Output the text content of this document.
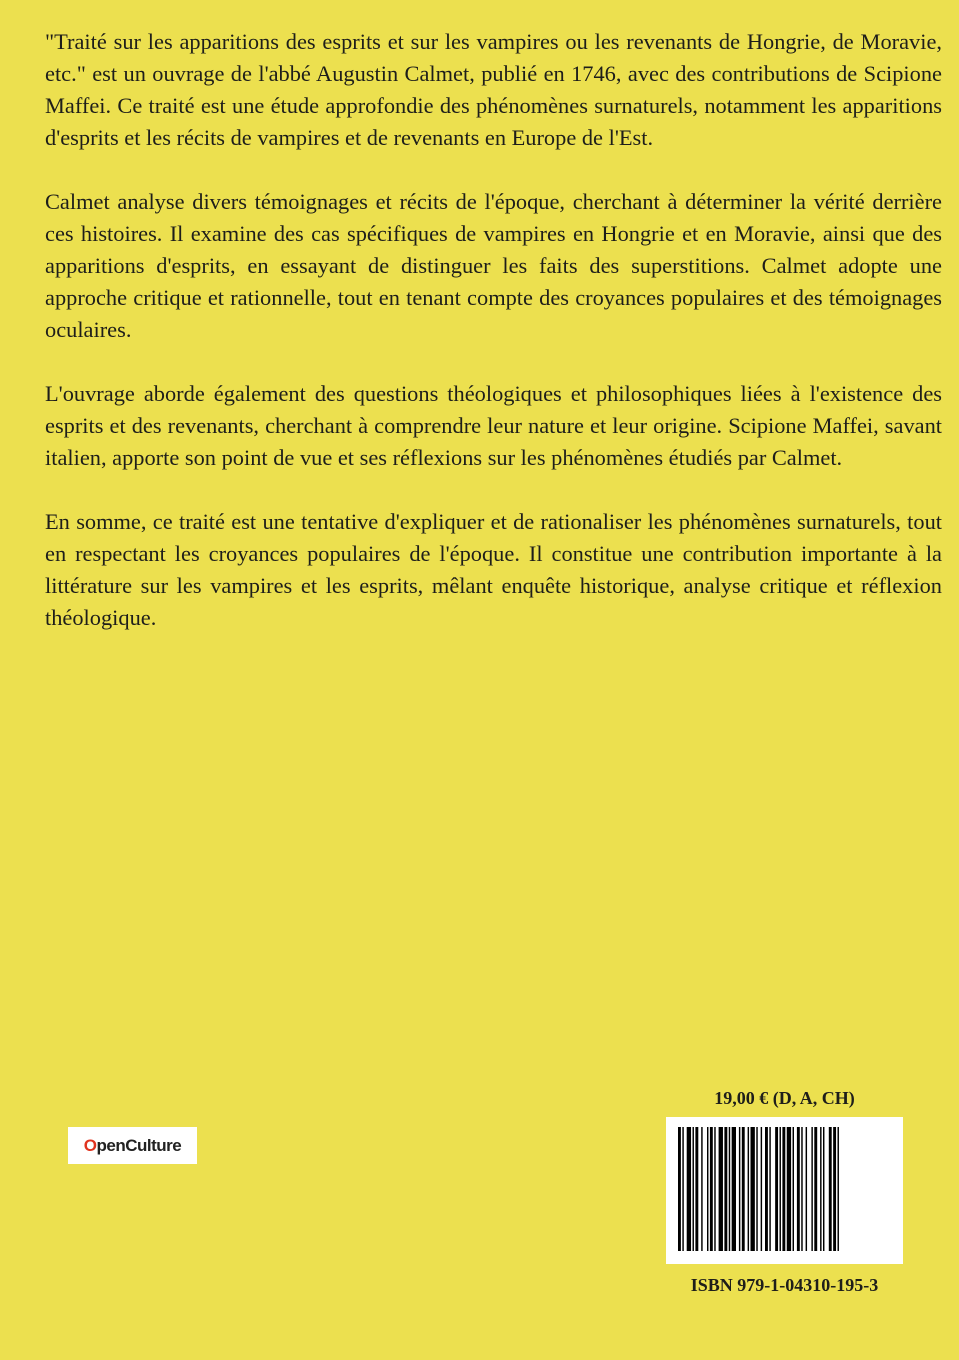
"Traité sur les apparitions des esprits et sur les vampires ou les revenants de Hongrie, de Moravie, etc." est un ouvrage de l'abbé Augustin Calmet, publié en 1746, avec des contributions de Scipione Maffei. Ce traité est une étude approfondie des phénomènes surnaturels, notamment les apparitions d'esprits et les récits de vampires et de revenants en Europe de l'Est.

Calmet analyse divers témoignages et récits de l'époque, cherchant à déterminer la vérité derrière ces histoires. Il examine des cas spécifiques de vampires en Hongrie et en Moravie, ainsi que des apparitions d'esprits, en essayant de distinguer les faits des superstitions. Calmet adopte une approche critique et rationnelle, tout en tenant compte des croyances populaires et des témoignages oculaires.

L'ouvrage aborde également des questions théologiques et philosophiques liées à l'existence des esprits et des revenants, cherchant à comprendre leur nature et leur origine. Scipione Maffei, savant italien, apporte son point de vue et ses réflexions sur les phénomènes étudiés par Calmet.

En somme, ce traité est une tentative d'expliquer et de rationaliser les phénomènes surnaturels, tout en respectant les croyances populaires de l'époque. Il constitue une contribution importante à la littérature sur les vampires et les esprits, mêlant enquête historique, analyse critique et réflexion théologique.

O penCulture
19,00 € (D, A, CH)
ISBN 979-1-04310-195-3
